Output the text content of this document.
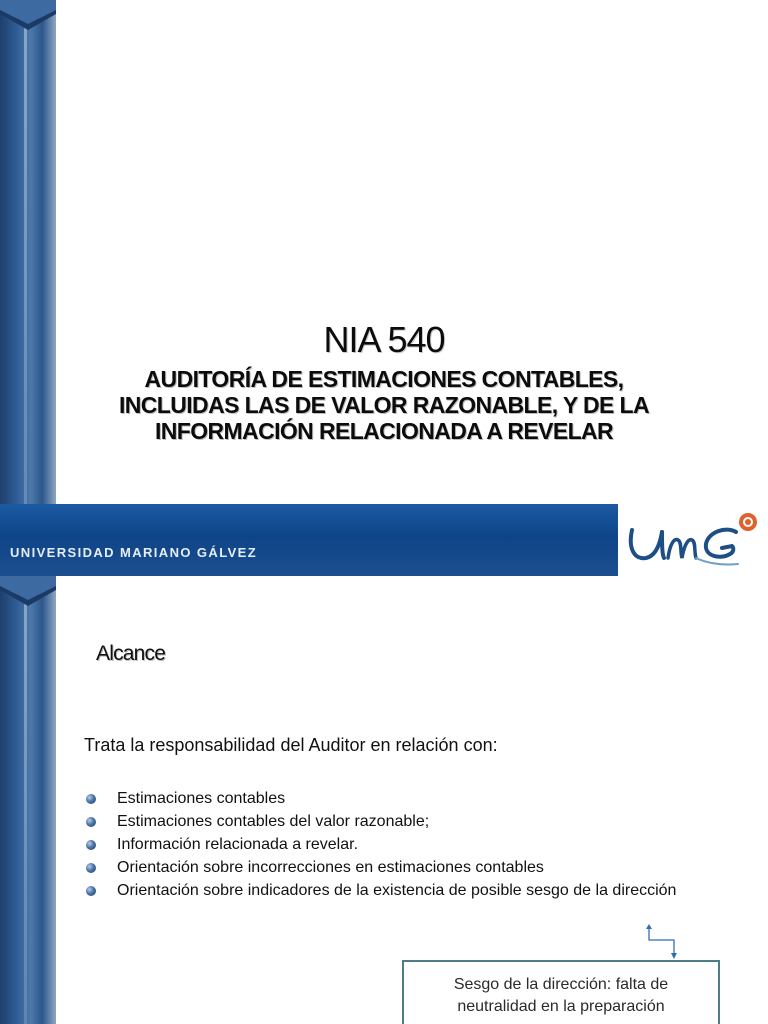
NIA 540
AUDITORÍA DE ESTIMACIONES CONTABLES,
INCLUIDAS LAS DE VALOR RAZONABLE, Y DE LA
INFORMACIÓN RELACIONADA A REVELAR
UNIVERSIDAD MARIANO GÁLVEZ
UMG
Alcance
Trata la responsabilidad del Auditor en relación con:
Estimaciones contables
Estimaciones contables del valor razonable;
Información relacionada a revelar.
Orientación sobre incorrecciones en estimaciones contables
Orientación sobre indicadores de la existencia de posible sesgo de la dirección
Sesgo de la dirección: falta de
neutralidad en la preparación
